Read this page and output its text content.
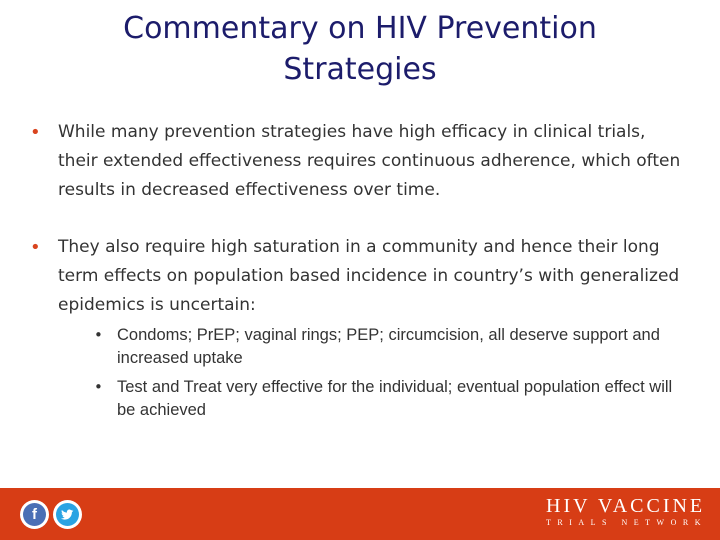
Commentary on HIV Prevention Strategies
•	While many prevention strategies have high efficacy in clinical trials, their extended effectiveness requires continuous adherence, which often results in decreased effectiveness over time.
•	They also require high saturation in a community and hence their long term effects on population based incidence in country’s with generalized epidemics is uncertain:
• Condoms; PrEP; vaginal rings; PEP; circumcision, all deserve support and increased uptake
• Test and Treat very effective for the individual; eventual population effect will be achieved
f	HIV VACCINE
TRIALS NETWORK
